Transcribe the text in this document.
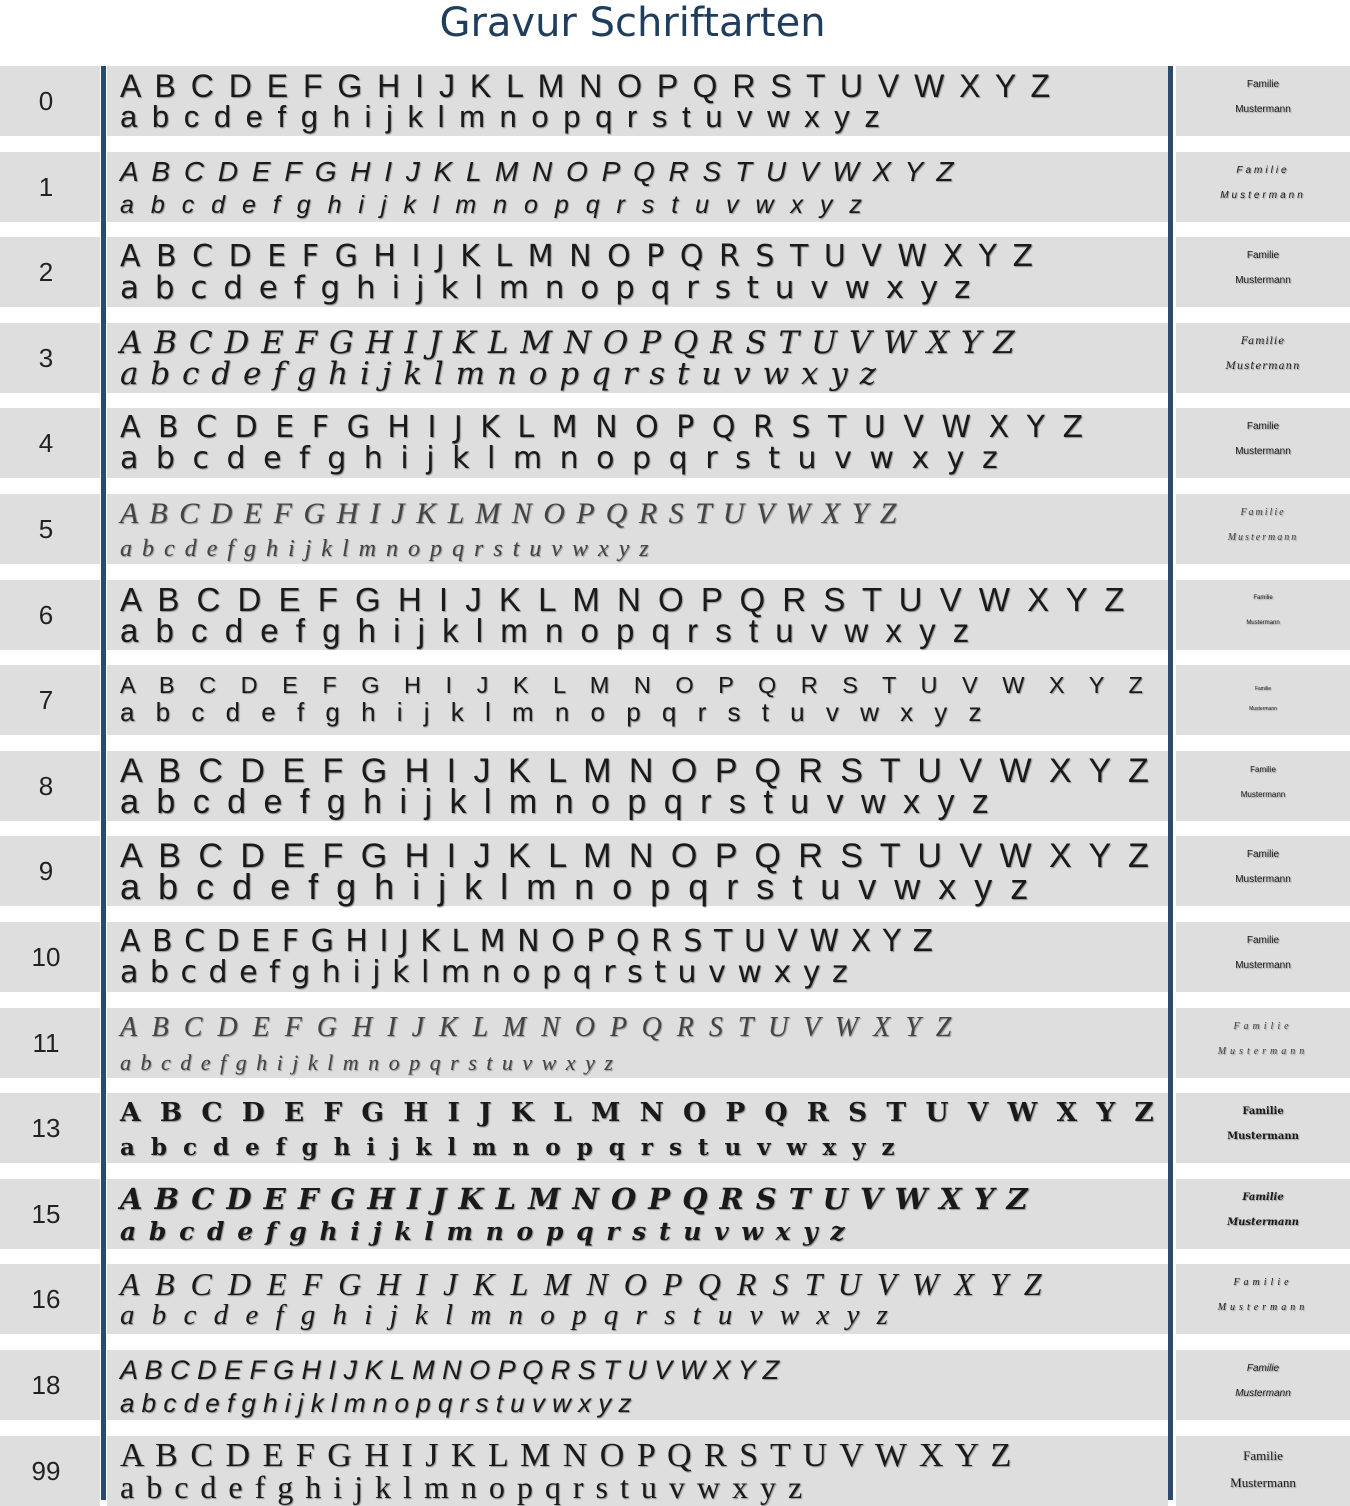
Gravur Schriftarten
0	A B C D E F G H I J K L M N O P Q R S T U V W X Y Z
a b c d e f g h i j k l m n o p q r s t u v w x y z
Familie
Mustermann
1	A B C D E F G H I J K L M N O P Q R S T U V W X Y Z
a b c d e f g h i j k l m n o p q r s t u v w x y z
Familie
Mustermann
2	A B C D E F G H I J K L M N O P Q R S T U V W X Y Z
a b c d e f g h i j k l m n o p q r s t u v w x y z
Familie
Mustermann
3	A B C D E F G H I J K L M N O P Q R S T U V W X Y Z
a b c d e f g h i j k l m n o p q r s t u v w x y z
Familie
Mustermann
4	A B C D E F G H I J K L M N O P Q R S T U V W X Y Z
a b c d e f g h i j k l m n o p q r s t u v w x y z
Familie
Mustermann
5	A B C D E F G H I J K L M N O P Q R S T U V W X Y Z
a b c d e f g h i j k l m n o p q r s t u v w x y z
Familie
Mustermann
6	A B C D E F G H I J K L M N O P Q R S T U V W X Y Z
a b c d e f g h i j k l m n o p q r s t u v w x y z
Familie
Mustermann
7	A B C D E F G H I J K L M N O P Q R S T U V W X Y Z
a b c d e f g h i j k l m n o p q r s t u v w x y z
Familie
Mustermann
8	A B C D E F G H I J K L M N O P Q R S T U V W X Y Z
a b c d e f g h i j k l m n o p q r s t u v w x y z
Familie
Mustermann
9	A B C D E F G H I J K L M N O P Q R S T U V W X Y Z
a b c d e f g h i j k l m n o p q r s t u v w x y z
Familie
Mustermann
10	A B C D E F G H I J K L M N O P Q R S T U V W X Y Z
a b c d e f g h i j k l m n o p q r s t u v w x y z
Familie
Mustermann
11	A B C D E F G H I J K L M N O P Q R S T U V W X Y Z
a b c d e f g h i j k l m n o p q r s t u v w x y z
Familie
Mustermann
13	A B C D E F G H I J K L M N O P Q R S T U V W X Y Z
a b c d e f g h i j k l m n o p q r s t u v w x y z
Familie
Mustermann
15	A B C D E F G H I J K L M N O P Q R S T U V W X Y Z
a b c d e f g h i j k l m n o p q r s t u v w x y z
Familie
Mustermann
16	A B C D E F G H I J K L M N O P Q R S T U V W X Y Z
a b c d e f g h i j k l m n o p q r s t u v w x y z
Familie
Mustermann
18	A B C D E F G H I J K L M N O P Q R S T U V W X Y Z
a b c d e f g h i j k l m n o p q r s t u v w x y z
Familie
Mustermann
99	A B C D E F G H I J K L M N O P Q R S T U V W X Y Z
a b c d e f g h i j k l m n o p q r s t u v w x y z
Familie
Mustermann
